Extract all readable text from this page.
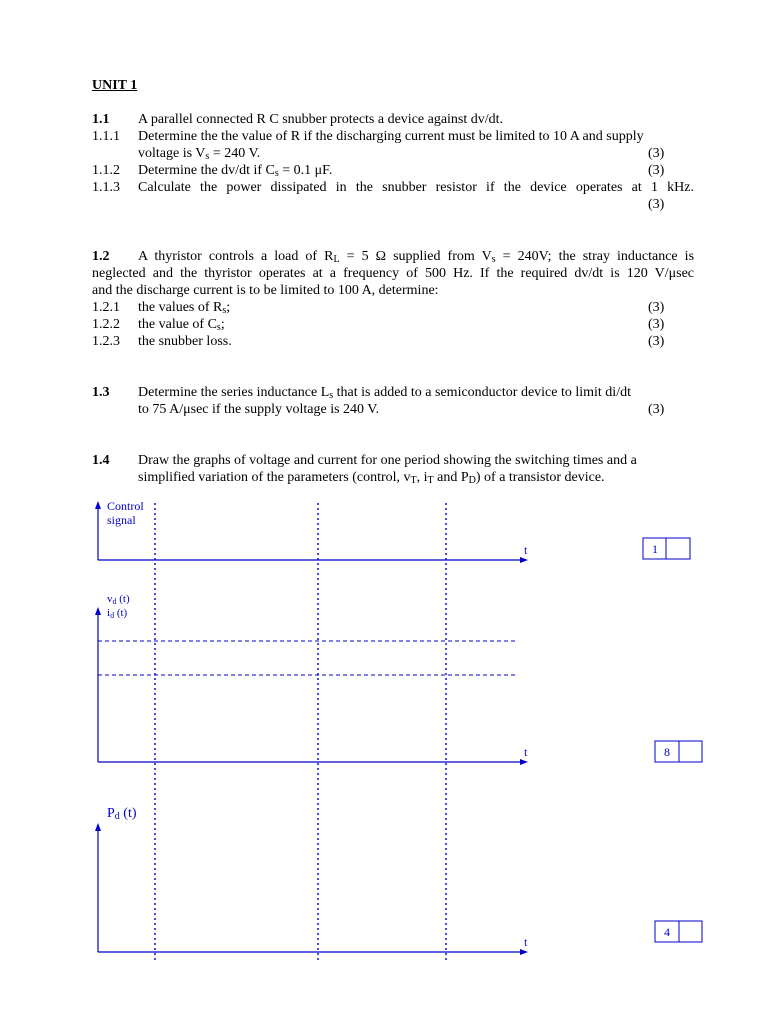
UNIT 1
1.1 A parallel connected R C snubber protects a device against dv/dt.
1.1.1 Determine the the value of R if the discharging current must be limited to 10 A and supply
voltage is $V_s = 240$ V.	(3)
1.1.2 Determine the dv/dt if $C_s = 0.1$ μF.	(3)
1.1.3 Calculate the power dissipated in the snubber resistor if the device operates at 1 kHz.
(3)
1.2 A thyristor controls a load of $R_L = 5$ Ω supplied from $V_s = 240V$; the stray inductance is
neglected and the thyristor operates at a frequency of 500 Hz. If the required dv/dt is 120 V/μsec
and the discharge current is to be limited to 100 A, determine:
1.2.1 the values of $R_s$;	(3)
1.2.2 the value of $C_s$;	(3)
1.2.3 the snubber loss.	(3)
1.3 Determine the series inductance $L_s$ that is added to a semiconductor device to limit di/dt
to 75 A/μsec if the supply voltage is 240 V.	(3)
1.4 Draw the graphs of voltage and current for one period showing the switching times and a
simplified variation of the parameters (control, $v_T$, $i_T$ and $P_D$) of a transistor device.
Control
signal
t	1
vd (t)
id (t)
t	8
Pd (t)
t
4
